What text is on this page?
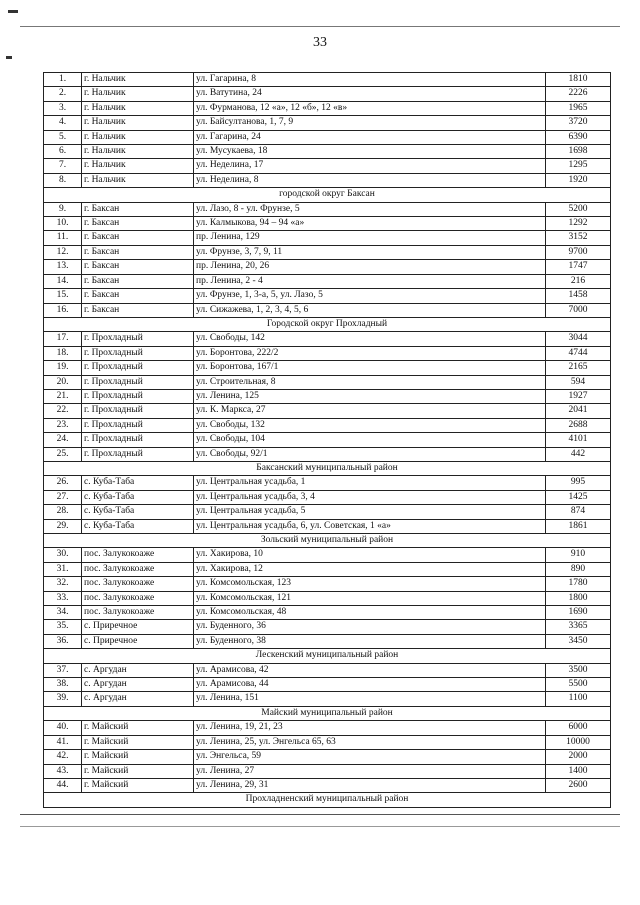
33
1.	г. Нальчик	ул. Гагарина, 8	1810
2.	г. Нальчик	ул. Ватутина, 24	2226
3.	г. Нальчик	ул. Фурманова, 12 «а», 12 «б», 12 «в»	1965
4.	г. Нальчик	ул. Байсултанова, 1, 7, 9	3720
5.	г. Нальчик	ул. Гагарина, 24	6390
6.	г. Нальчик	ул. Мусукаева, 18	1698
7.	г. Нальчик	ул. Неделина, 17	1295
8.	г. Нальчик	ул. Неделина, 8	1920
городской округ Баксан			
9.	г. Баксан	ул. Лазо, 8 - ул. Фрунзе, 5	5200
10.	г. Баксан	ул. Калмыкова, 94 – 94 «а»	1292
11.	г. Баксан	пр. Ленина, 129	3152
12.	г. Баксан	ул. Фрунзе, 3, 7, 9, 11	9700
13.	г. Баксан	пр. Ленина, 20, 26	1747
14.	г. Баксан	пр. Ленина, 2 - 4	216
15.	г. Баксан	ул. Фрунзе, 1, 3-а, 5, ул. Лазо, 5	1458
16.	г. Баксан	ул. Сижажева, 1, 2, 3, 4, 5, 6	7000
Городской округ Прохладный			
17.	г. Прохладный	ул. Свободы, 142	3044
18.	г. Прохладный	ул. Боронтова, 222/2	4744
19.	г. Прохладный	ул. Боронтова, 167/1	2165
20.	г. Прохладный	ул. Строительная, 8	594
21.	г. Прохладный	ул. Ленина, 125	1927
22.	г. Прохладный	ул. К. Маркса, 27	2041
23.	г. Прохладный	ул. Свободы, 132	2688
24.	г. Прохладный	ул. Свободы, 104	4101
25.	г. Прохладный	ул. Свободы, 92/1	442
Баксанский муниципальный район			
26.	с. Куба-Таба	ул. Центральная усадьба, 1	995
27.	с. Куба-Таба	ул. Центральная усадьба, 3, 4	1425
28.	с. Куба-Таба	ул. Центральная усадьба, 5	874
29.	с. Куба-Таба	ул. Центральная усадьба, 6, ул. Советская, 1 «а»	1861
Зольский муниципальный район			
30.	пос. Залукокоаже	ул. Хакирова, 10	910
31.	пос. Залукокоаже	ул. Хакирова, 12	890
32.	пос. Залукокоаже	ул. Комсомольская, 123	1780
33.	пос. Залукокоаже	ул. Комсомольская, 121	1800
34.	пос. Залукокоаже	ул. Комсомольская, 48	1690
35.	с. Приречное	ул. Буденного, 36	3365
36.	с. Приречное	ул. Буденного, 38	3450
Лескенский муниципальный район			
37.	с. Аргудан	ул. Арамисова, 42	3500
38.	с. Аргудан	ул. Арамисова, 44	5500
39.	с. Аргудан	ул. Ленина, 151	1100
Майский муниципальный район			
40.	г. Майский	ул. Ленина, 19, 21, 23	6000
41.	г. Майский	ул. Ленина, 25, ул. Энгельса 65, 63	10000
42.	г. Майский	ул. Энгельса, 59	2000
43.	г. Майский	ул. Ленина, 27	1400
44.	г. Майский	ул. Ленина, 29, 31	2600
Прохладненский муниципальный район			
